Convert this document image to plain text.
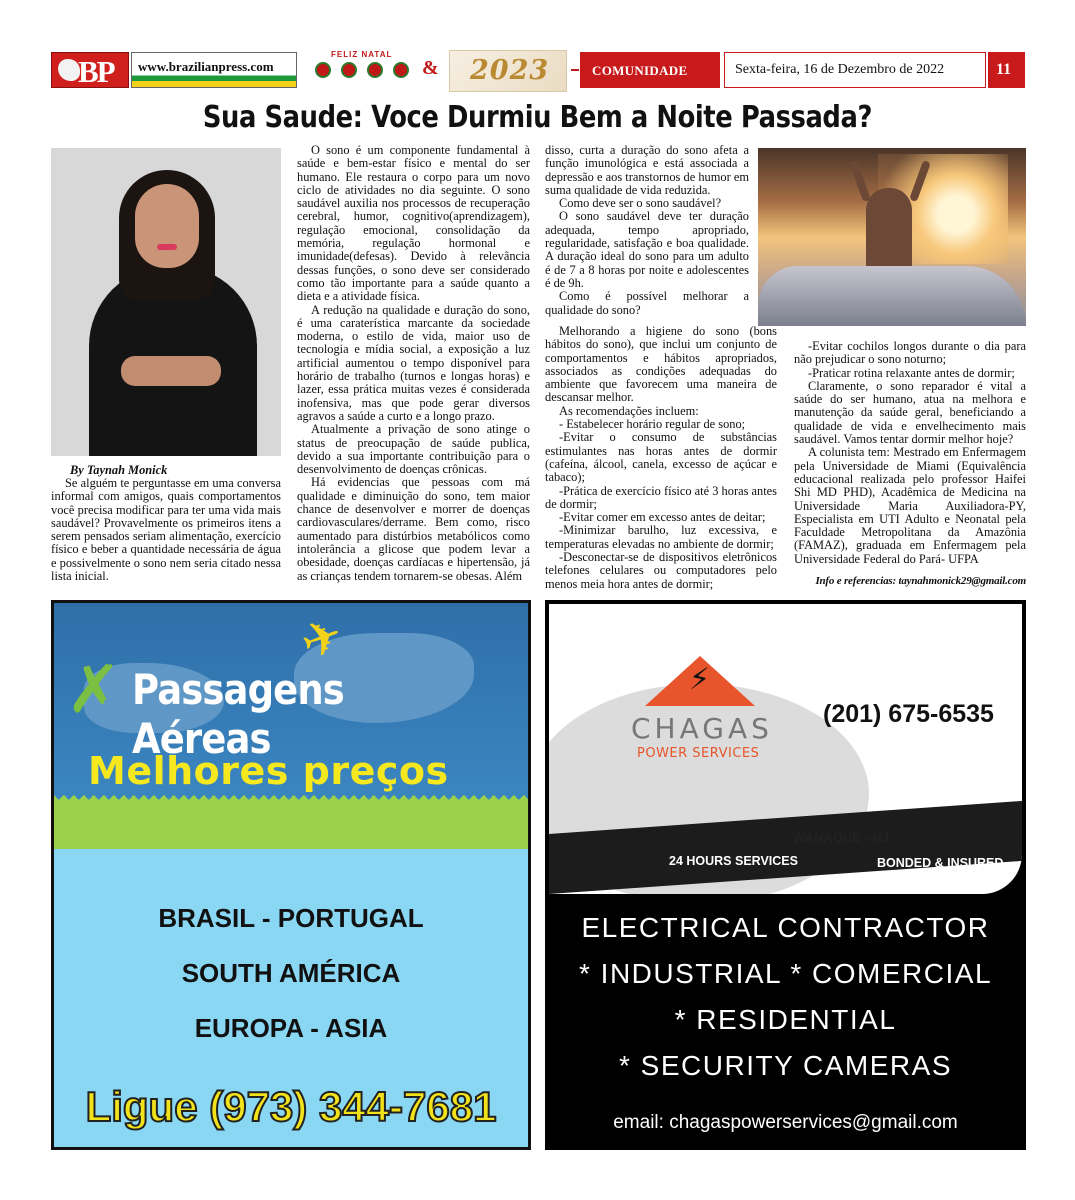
BP www.brazilianpress.com
FELIZ NATAL
& 2023	COMUNIDADE	Sexta-feira, 16 de Dezembro de 2022	11
Sua Saude: Voce Durmiu Bem a Noite Passada?
By Taynah Monick

Se alguém te perguntasse em uma conversa informal com amigos, quais comportamentos você precisa modificar para ter uma vida mais saudável? Provavelmente os primeiros itens a serem pensados seriam alimentação, exercício físico e beber a quantidade necessária de água e possivelmente o sono nem seria citado nessa lista inicial.

O sono é um componente fundamental à saúde e bem-estar físico e mental do ser humano. Ele restaura o corpo para um novo ciclo de atividades no dia seguinte. O sono saudável auxilia nos processos de recuperação cerebral, humor, cognitivo(aprendizagem), regulação emocional, consolidação da memória, regulação hormonal e imunidade(defesas). Devido à relevância dessas funções, o sono deve ser considerado como tão importante para a saúde quanto a dieta e a atividade física.

A redução na qualidade e duração do sono, é uma caraterística marcante da sociedade moderna, o estilo de vida, maior uso de tecnologia e mídia social, a exposição a luz artificial aumentou o tempo disponível para horário de trabalho (turnos e longas horas) e lazer, essa prática muitas vezes é considerada inofensiva, mas que pode gerar diversos agravos a saúde a curto e a longo prazo.

Atualmente a privação de sono atinge o status de preocupação de saúde publica, devido a sua importante contribuição para o desenvolvimento de doenças crônicas.

Há evidencias que pessoas com má qualidade e diminuição do sono, tem maior chance de desenvolver e morrer de doenças cardiovasculares/derrame. Bem como, risco aumentado para distúrbios metabólicos como intolerância a glicose que podem levar a obesidade, doenças cardíacas e hipertensão, já as crianças tendem tornarem-se obesas. Além

disso, curta a duração do sono afeta a função imunológica e está associada a depressão e aos transtornos de humor em suma qualidade de vida reduzida.

Como deve ser o sono saudável?

O sono saudável deve ter duração adequada, tempo apropriado, regularidade, satisfação e boa qualidade. A duração ideal do sono para um adulto é de 7 a 8 horas por noite e adolescentes é de 9h.

Como é possível melhorar a qualidade do sono?

Melhorando a higiene do sono (bons hábitos do sono), que inclui um conjunto de comportamentos e hábitos apropriados, associados as condições adequadas do ambiente que favorecem uma maneira de descansar melhor.

As recomendações incluem:

- Estabelecer horário regular de sono;

-Evitar o consumo de substâncias estimulantes nas horas antes de dormir (cafeína, álcool, canela, excesso de açúcar e tabaco);

-Prática de exercício físico até 3 horas antes de dormir;

-Evitar comer em excesso antes de deitar;

-Minimizar barulho, luz excessiva, e temperaturas elevadas no ambiente de dormir;

-Desconectar-se de dispositivos eletrônicos telefones celulares ou computadores pelo menos meia hora antes de dormir;

-Evitar cochilos longos durante o dia para não prejudicar o sono noturno;

-Praticar rotina relaxante antes de dormir;

Claramente, o sono reparador é vital a saúde do ser humano, atua na melhora e manutenção da saúde geral, beneficiando a qualidade de vida e envelhecimento mais saudável. Vamos tentar dormir melhor hoje?

A colunista tem: Mestrado em Enfermagem pela Universidade de Miami (Equivalência educacional realizada pelo professor Haifei Shi MD PHD), Acadêmica de Medicina na Universidade Maria Auxiliadora-PY, Especialista em UTI Adulto e Neonatal pela Faculdade Metropolitana da Amazônia (FAMAZ), graduada em Enfermagem pela Universidade Federal do Pará- UFPA

Info e referencias: taynahmonick29@gmail.com
✗
✈
Passagens Aéreas
Melhores preços
BRASIL - PORTUGAL
SOUTH AMÉRICA
EUROPA - ASIA
Ligue (973) 344-7681
⚡
CHAGAS
POWER SERVICES
(201) 675-6535
WANAQUE - NJ
24 HOURS SERVICES	BONDED & INSURED
ELECTRICAL CONTRACTOR
* INDUSTRIAL * COMERCIAL
* RESIDENTIAL
* SECURITY CAMERAS
email: chagaspowerservices@gmail.com
